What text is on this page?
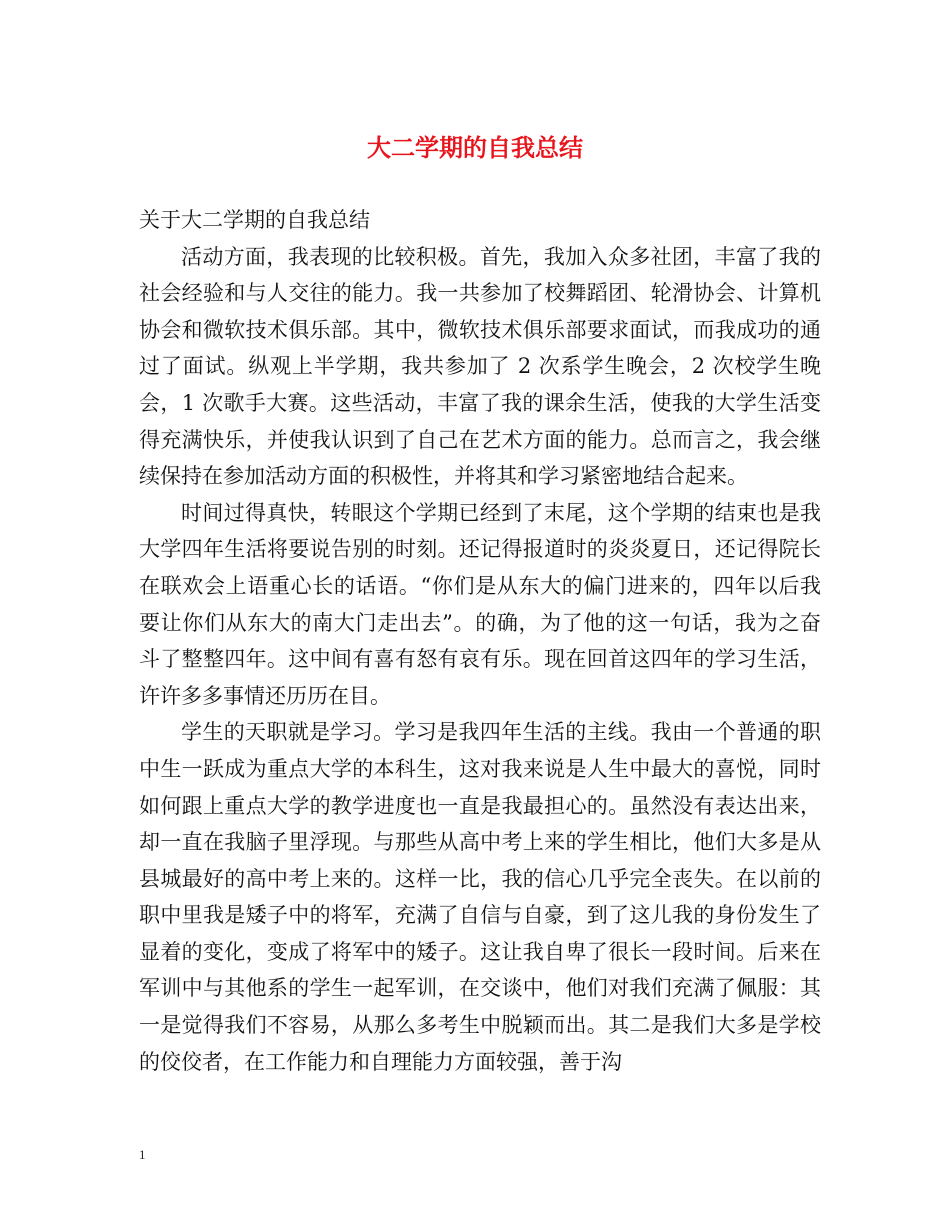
大二学期的自我总结

关于大二学期的自我总结

活动方面，我表现的比较积极。首先，我加入众多社团，丰富了我的社会经验和与人交往的能力。我一共参加了校舞蹈团、轮滑协会、计算机协会和微软技术俱乐部。其中，微软技术俱乐部要求面试，而我成功的通过了面试。纵观上半学期，我共参加了 2 次系学生晚会，2 次校学生晚会，1 次歌手大赛。这些活动，丰富了我的课余生活，使我的大学生活变得充满快乐，并使我认识到了自己在艺术方面的能力。总而言之，我会继续保持在参加活动方面的积极性，并将其和学习紧密地结合起来。

时间过得真快，转眼这个学期已经到了末尾，这个学期的结束也是我大学四年生活将要说告别的时刻。还记得报道时的炎炎夏日，还记得院长在联欢会上语重心长的话语。“你们是从东大的偏门进来的，四年以后我要让你们从东大的南大门走出去”。的确，为了他的这一句话，我为之奋斗了整整四年。这中间有喜有怒有哀有乐。现在回首这四年的学习生活，许许多多事情还历历在目。

学生的天职就是学习。学习是我四年生活的主线。我由一个普通的职中生一跃成为重点大学的本科生，这对我来说是人生中最大的喜悦，同时如何跟上重点大学的教学进度也一直是我最担心的。虽然没有表达出来，却一直在我脑子里浮现。与那些从高中考上来的学生相比，他们大多是从县城最好的高中考上来的。这样一比，我的信心几乎完全丧失。在以前的职中里我是矮子中的将军，充满了自信与自豪，到了这儿我的身份发生了显着的变化，变成了将军中的矮子。这让我自卑了很长一段时间。后来在军训中与其他系的学生一起军训，在交谈中，他们对我们充满了佩服：其一是觉得我们不容易，从那么多考生中脱颖而出。其二是我们大多是学校的佼佼者，在工作能力和自理能力方面较强，善于沟

1
